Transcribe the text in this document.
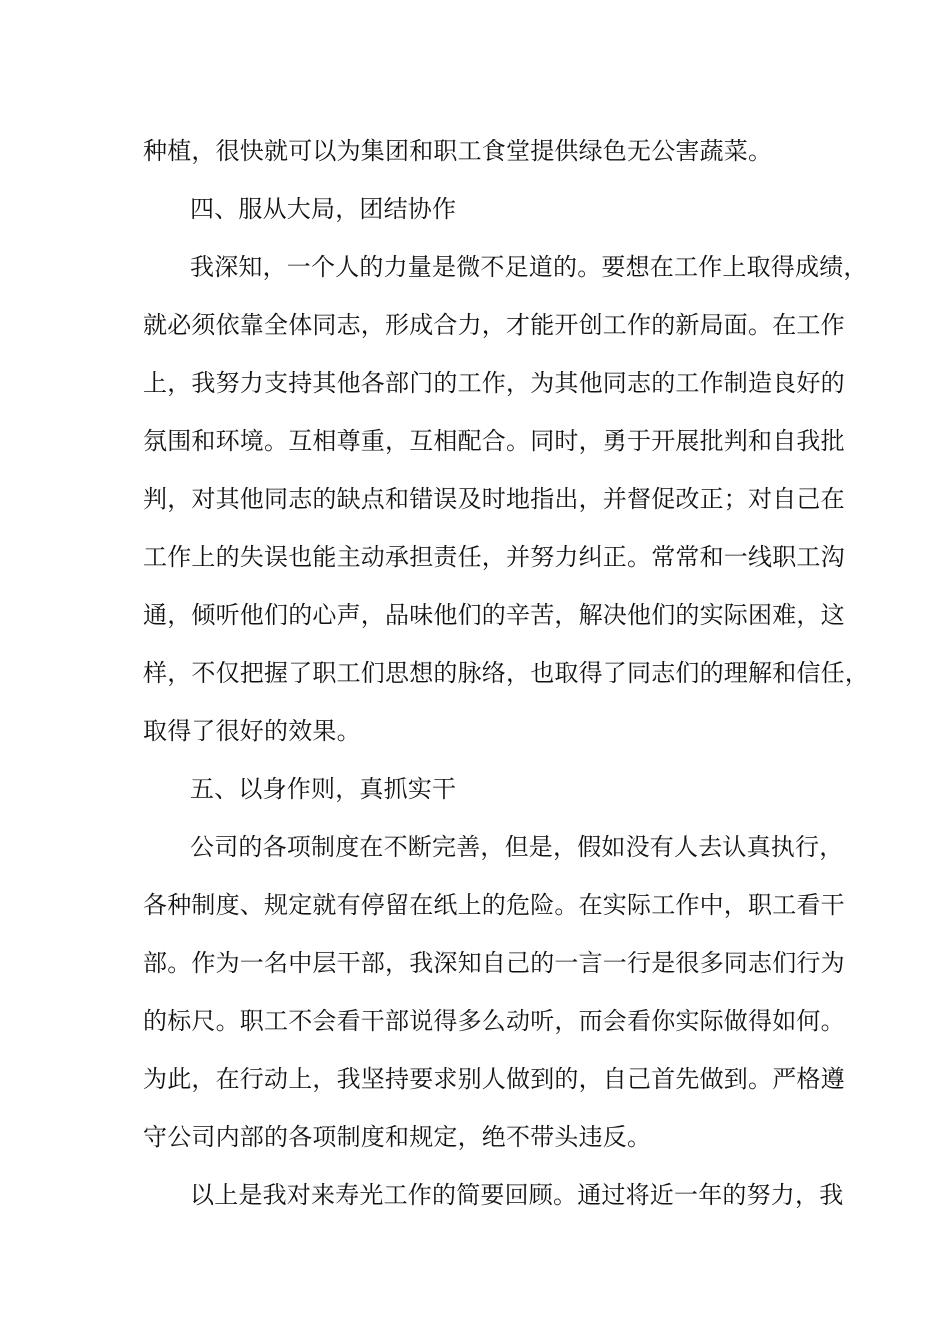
种植，很快就可以为集团和职工食堂提供绿色无公害蔬菜。
四、服从大局，团结协作
我深知，一个人的力量是微不足道的。要想在工作上取得成绩，
就必须依靠全体同志，形成合力，才能开创工作的新局面。在工作
上，我努力支持其他各部门的工作，为其他同志的工作制造良好的
氛围和环境。互相尊重，互相配合。同时，勇于开展批判和自我批
判，对其他同志的缺点和错误及时地指出，并督促改正；对自己在
工作上的失误也能主动承担责任，并努力纠正。常常和一线职工沟
通，倾听他们的心声，品味他们的辛苦，解决他们的实际困难，这
样，不仅把握了职工们思想的脉络，也取得了同志们的理解和信任，
取得了很好的效果。
五、以身作则，真抓实干
公司的各项制度在不断完善，但是，假如没有人去认真执行，
各种制度、规定就有停留在纸上的危险。在实际工作中，职工看干
部。作为一名中层干部，我深知自己的一言一行是很多同志们行为
的标尺。职工不会看干部说得多么动听，而会看你实际做得如何。
为此，在行动上，我坚持要求别人做到的，自己首先做到。严格遵
守公司内部的各项制度和规定，绝不带头违反。
以上是我对来寿光工作的简要回顾。通过将近一年的努力，我
